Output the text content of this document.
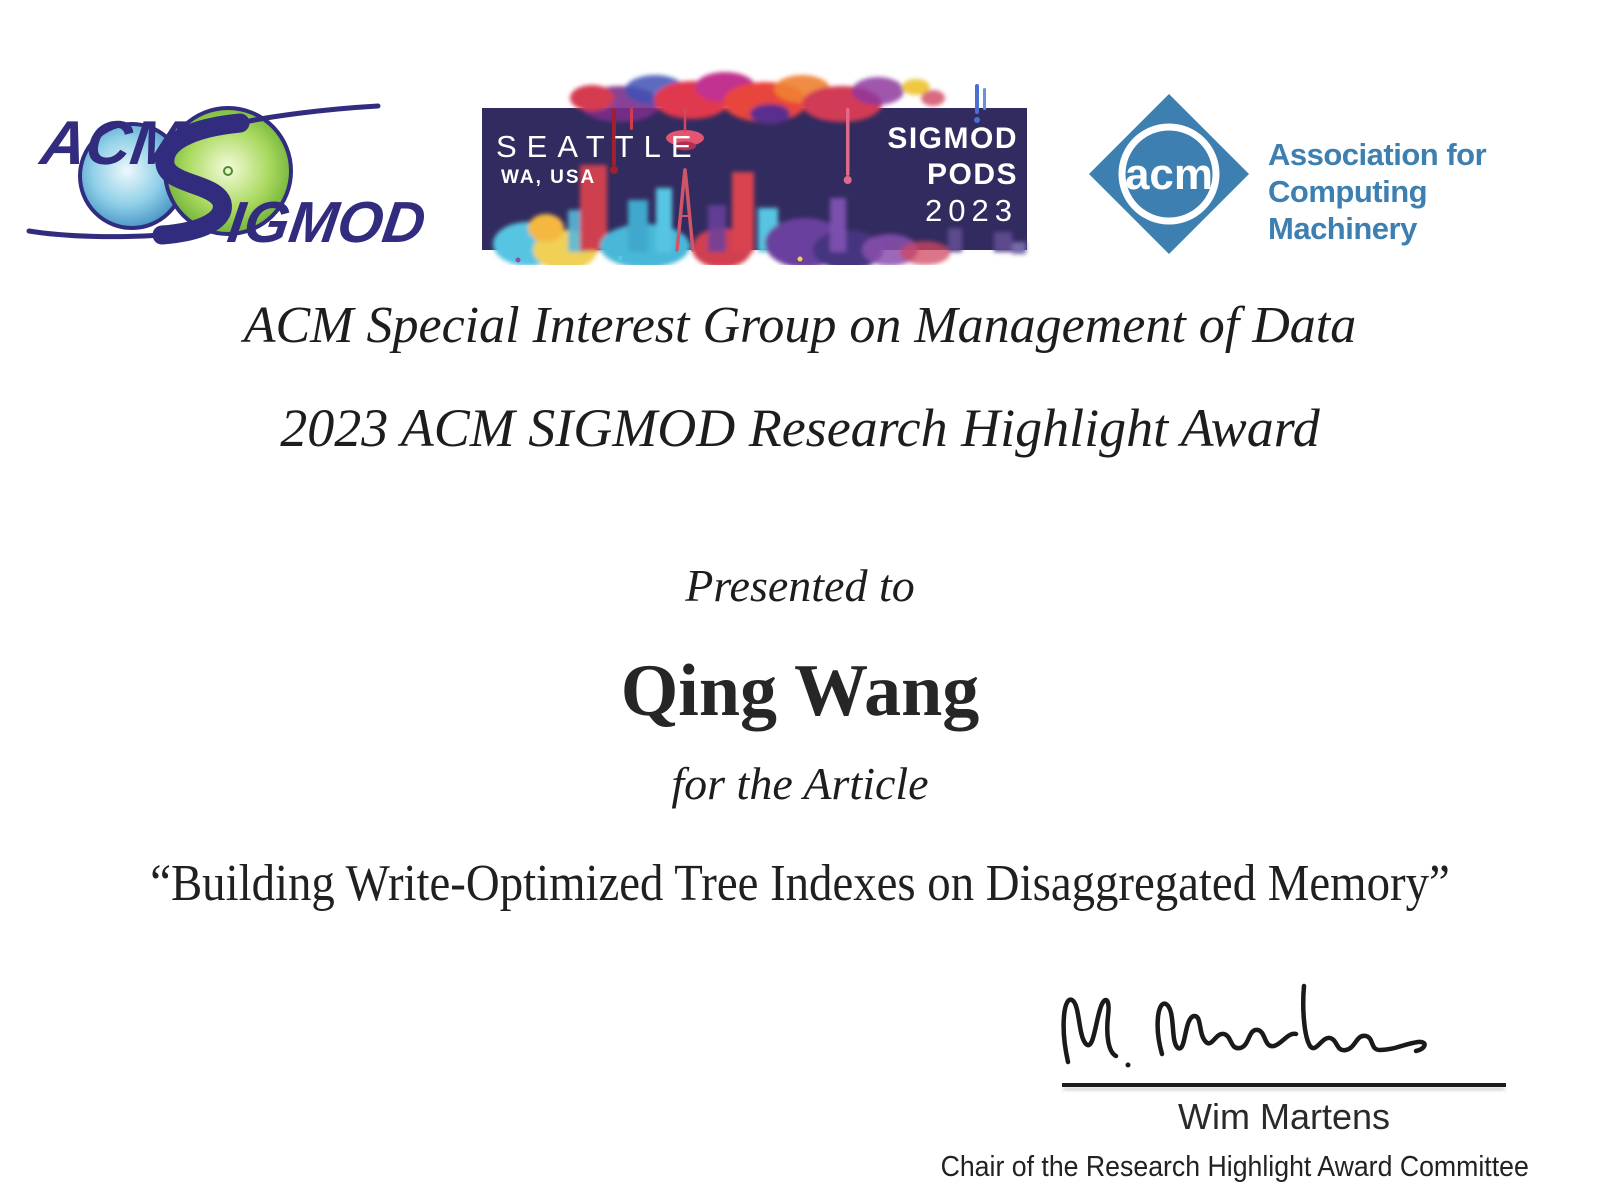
ACM
IGMOD
SEATTLE
WA, USA
SIGMOD
PODS
2023
acm Association for
Computing Machinery
ACM Special Interest Group on Management of Data
2023 ACM SIGMOD Research Highlight Award
Presented to
Qing Wang
for the Article
“Building Write-Optimized Tree Indexes on Disaggregated Memory”
Wim Martens
Chair of the Research Highlight Award Committee
